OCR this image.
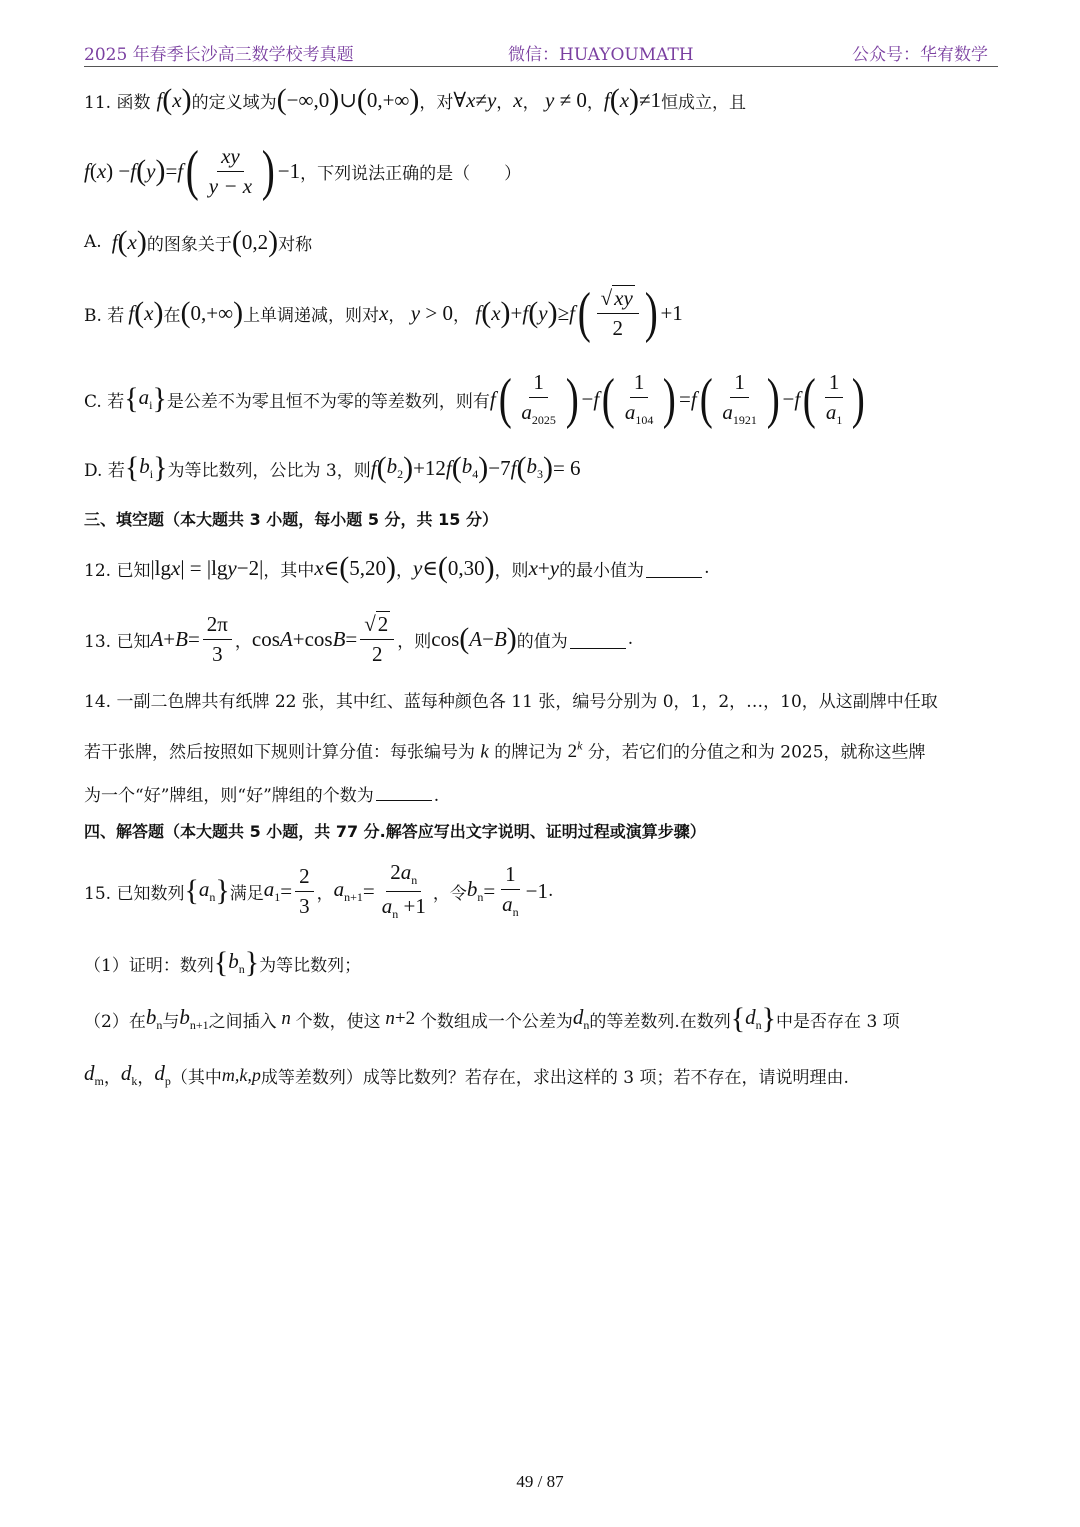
2025 年春季长沙高三数学校考真题	微信：HUAYOUMATH	公众号：华宥数学
11. 函数 f ( x ) 的定义域为 ( −∞,0 ) ∪ ( 0,+∞ ) ，对 ∀ x ≠ y ， x ， y ≠ 0 ， f ( x ) ≠1 恒成立，且
f ( x ) − f ( y ) = f ( $\frac{xy}{y - x}$ ) −1 ，下列说法正确的是（　　）
A. f ( x ) 的图象关于 ( 0,2 ) 对称
B. 若 f ( x ) 在 ( 0,+∞ ) 上单调递减，则对 x ， y > 0 ， f ( x ) + f ( y ) ≥ f ( $\frac{√xy}{2}$ ) +1
C. 若 { $a_i$ } 是公差不为零且恒不为零的等差数列，则有 f ( $\frac{1}{a_{2025}}$ ) − f ( $\frac{1}{a_{104}}$ ) = f ( $\frac{1}{a_{1921}}$ ) − f ( $\frac{1}{a_1}$ )
D. 若 { $b_i$ } 为等比数列，公比为 3，则 f ( $b_2$ ) +12 f ( $b_4$ ) −7 f ( $b_3$ ) = 6
三、填空题（本大题共 3 小题，每小题 5 分，共 15 分）
12. 已知 |lg x | = |lg y −2| ，其中 x ∈ ( 5,20 ) ， y ∈ ( 0,30 ) ，则 x + y 的最小值为	.
13. 已知 $A + B = \frac{2\pi}{3}$ ， cos A +cos $B = \frac{√2}{2}$ ，则 cos ( A − B ) 的值为	.
14. 一副二色牌共有纸牌 22 张，其中红、蓝每种颜色各 11 张，编号分别为 0，1，2，…，10，从这副牌中任取
若干张牌，然后按照如下规则计算分值：每张编号为 k 的牌记为 2$^k$ 分，若它们的分值之和为 2025，就称这些牌
为一个“好”牌组，则“好”牌组的个数为	.
四、解答题（本大题共 5 小题，共 77 分.解答应写出文字说明、证明过程或演算步骤）
15. 已知数列 { $a_n$ } 满足 $a_1 = \frac{2}{3}$ ， $a_{n+1} = \frac{2a_n}{a_n +1}$ ，令 $b_n = \frac{1}{a_n} -1$ .
（1）证明：数列 { $b_n$ } 为等比数列；
（2）在 $b_n$ 与 $b_{n+1}$ 之间插入 n 个数，使这 n +2 个数组成一个公差为 $d_n$ 的等差数列.在数列 { $d_n$ } 中是否存在 3 项
$d_m$ ， $d_k$ ， $d_p$ （其中 m,k,p 成等差数列）成等比数列？若存在，求出这样的 3 项；若不存在，请说明理由.
49 / 87
